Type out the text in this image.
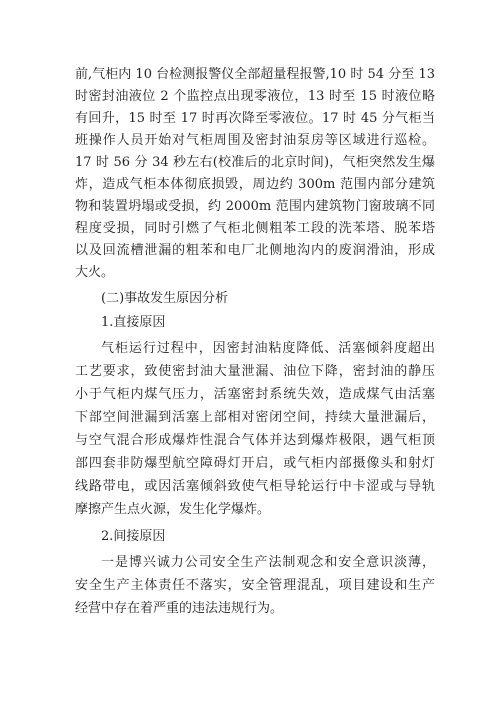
前,气柜内 10 台检测报警仪全部超量程报警,10 时 54 分至 13
时密封油液位 2 个监控点出现零液位，13 时至 15 时液位略
有回升，15 时至 17 时再次降至零液位。17 时 45 分气柜当
班操作人员开始对气柜周围及密封油泵房等区域进行巡检。
17 时 56 分 34 秒左右(校准后的北京时间)，气柜突然发生爆
炸，造成气柜本体彻底损毁，周边约 300m 范围内部分建筑
物和装置坍塌或受损，约 2000m 范围内建筑物门窗玻璃不同
程度受损，同时引燃了气柜北侧粗苯工段的洗苯塔、脱苯塔
以及回流槽泄漏的粗苯和电厂北侧地沟内的废润滑油，形成
大火。
(二)事故发生原因分析
1.直接原因
气柜运行过程中，因密封油粘度降低、活塞倾斜度超出
工艺要求，致使密封油大量泄漏、油位下降，密封油的静压
小于气柜内煤气压力，活塞密封系统失效，造成煤气由活塞
下部空间泄漏到活塞上部相对密闭空间，持续大量泄漏后，
与空气混合形成爆炸性混合气体并达到爆炸极限，遇气柜顶
部四套非防爆型航空障碍灯开启，或气柜内部摄像头和射灯
线路带电，或因活塞倾斜致使气柜导轮运行中卡涩或与导轨
摩擦产生点火源，发生化学爆炸。
2.间接原因
一是博兴诚力公司安全生产法制观念和安全意识淡薄，
安全生产主体责任不落实，安全管理混乱，项目建设和生产
经营中存在着严重的违法违规行为。
